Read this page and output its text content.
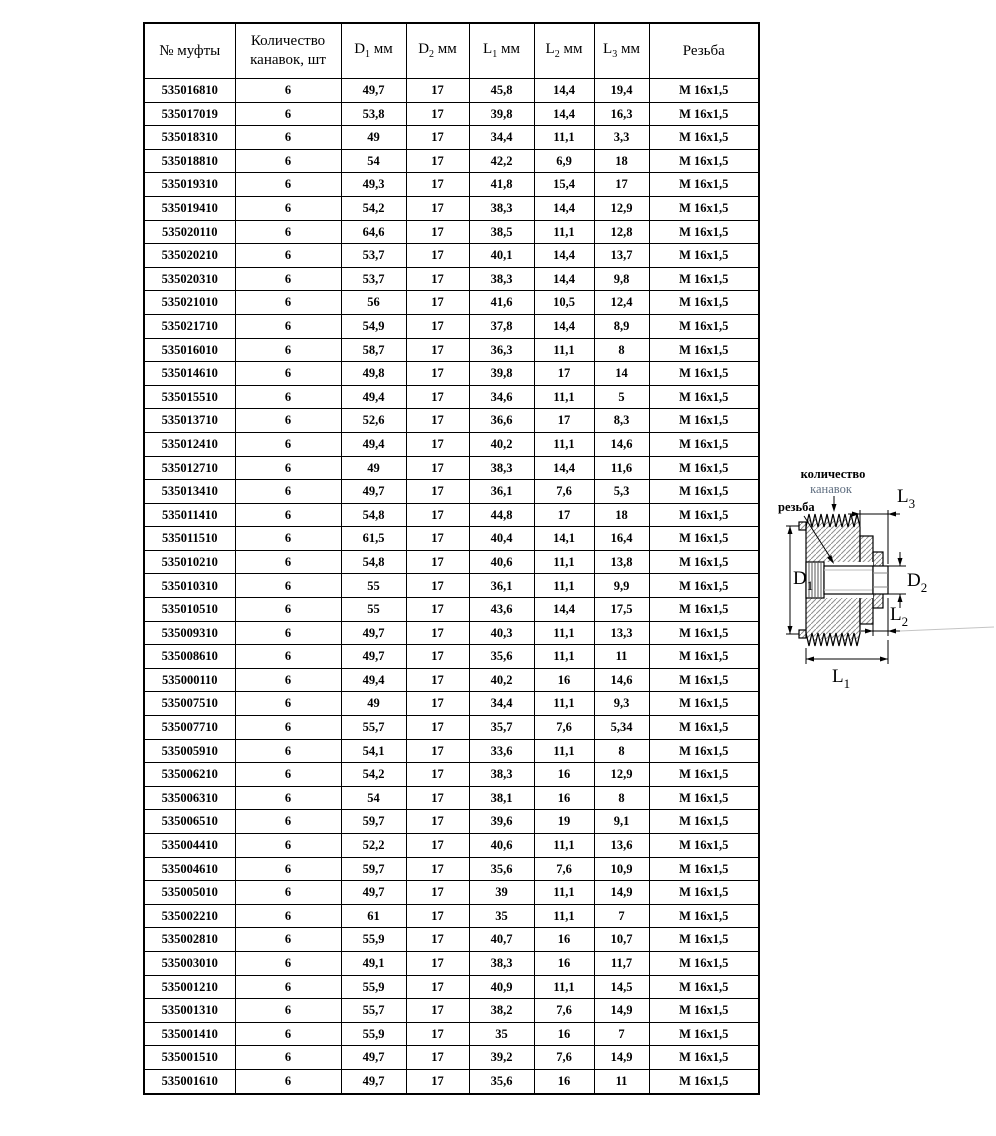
№ муфты	Количество
канавок, шт	$D_1$ мм	$D_2$ мм	$L_1$ мм	$L_2$ мм	$L_3$ мм	Резьба
535016810	6	49,7	17	45,8	14,4	19,4	М 16x1,5
535017019	6	53,8	17	39,8	14,4	16,3	М 16x1,5
535018310	6	49	17	34,4	11,1	3,3	М 16x1,5
535018810	6	54	17	42,2	6,9	18	М 16x1,5
535019310	6	49,3	17	41,8	15,4	17	М 16x1,5
535019410	6	54,2	17	38,3	14,4	12,9	М 16x1,5
535020110	6	64,6	17	38,5	11,1	12,8	М 16x1,5
535020210	6	53,7	17	40,1	14,4	13,7	М 16x1,5
535020310	6	53,7	17	38,3	14,4	9,8	М 16x1,5
535021010	6	56	17	41,6	10,5	12,4	М 16x1,5
535021710	6	54,9	17	37,8	14,4	8,9	М 16x1,5
535016010	6	58,7	17	36,3	11,1	8	М 16x1,5
535014610	6	49,8	17	39,8	17	14	М 16x1,5
535015510	6	49,4	17	34,6	11,1	5	М 16x1,5
535013710	6	52,6	17	36,6	17	8,3	М 16x1,5
535012410	6	49,4	17	40,2	11,1	14,6	М 16x1,5
535012710	6	49	17	38,3	14,4	11,6	М 16x1,5
535013410	6	49,7	17	36,1	7,6	5,3	М 16x1,5
535011410	6	54,8	17	44,8	17	18	М 16x1,5
535011510	6	61,5	17	40,4	14,1	16,4	М 16x1,5
535010210	6	54,8	17	40,6	11,1	13,8	М 16x1,5
535010310	6	55	17	36,1	11,1	9,9	М 16x1,5
535010510	6	55	17	43,6	14,4	17,5	М 16x1,5
535009310	6	49,7	17	40,3	11,1	13,3	М 16x1,5
535008610	6	49,7	17	35,6	11,1	11	М 16x1,5
535000110	6	49,4	17	40,2	16	14,6	М 16x1,5
535007510	6	49	17	34,4	11,1	9,3	М 16x1,5
535007710	6	55,7	17	35,7	7,6	5,34	М 16x1,5
535005910	6	54,1	17	33,6	11,1	8	М 16x1,5
535006210	6	54,2	17	38,3	16	12,9	М 16x1,5
535006310	6	54	17	38,1	16	8	М 16x1,5
535006510	6	59,7	17	39,6	19	9,1	М 16x1,5
535004410	6	52,2	17	40,6	11,1	13,6	М 16x1,5
535004610	6	59,7	17	35,6	7,6	10,9	М 16x1,5
535005010	6	49,7	17	39	11,1	14,9	М 16x1,5
535002210	6	61	17	35	11,1	7	М 16x1,5
535002810	6	55,9	17	40,7	16	10,7	М 16x1,5
535003010	6	49,1	17	38,3	16	11,7	М 16x1,5
535001210	6	55,9	17	40,9	11,1	14,5	М 16x1,5
535001310	6	55,7	17	38,2	7,6	14,9	М 16x1,5
535001410	6	55,9	17	35	16	7	М 16x1,5
535001510	6	49,7	17	39,2	7,6	14,9	М 16x1,5
535001610	6	49,7	17	35,6	16	11	М 16x1,5
$D_1$
$L_3$
$D_2$
$L_2$
$L_1$
количество
канавок
резьба
